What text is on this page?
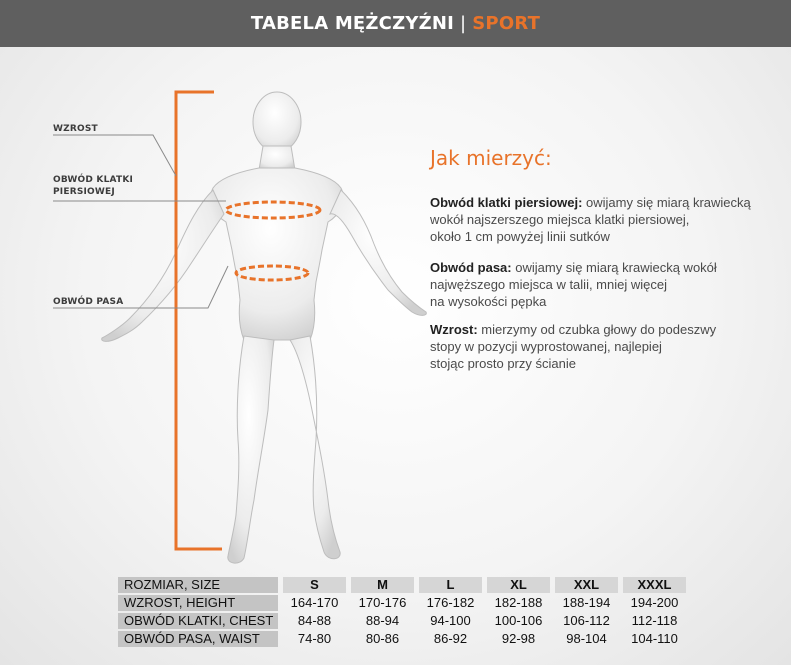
TABELA MĘŻCZYŹNI | SPORT
WZROST
OBWÓD KLATKI
PIERSIOWEJ
OBWÓD PASA
Jak mierzyć:
Obwód klatki piersiowej: owijamy się miarą krawiecką
wokół najszerszego miejsca klatki piersiowej,
około 1 cm powyżej linii sutków
Obwód pasa: owijamy się miarą krawiecką wokół
najwęższego miejsca w talii, mniej więcej
na wysokości pępka
Wzrost: mierzymy od czubka głowy do podeszwy
stopy w pozycji wyprostowanej, najlepiej
stojąc prosto przy ścianie
ROZMIAR, SIZE	S	M	L	XL	XXL	XXXL
WZROST, HEIGHT	164-170	170-176	176-182	182-188	188-194	194-200
OBWÓD KLATKI, CHEST	84-88	88-94	94-100	100-106	106-112	112-118
OBWÓD PASA, WAIST	74-80	80-86	86-92	92-98	98-104	104-110
